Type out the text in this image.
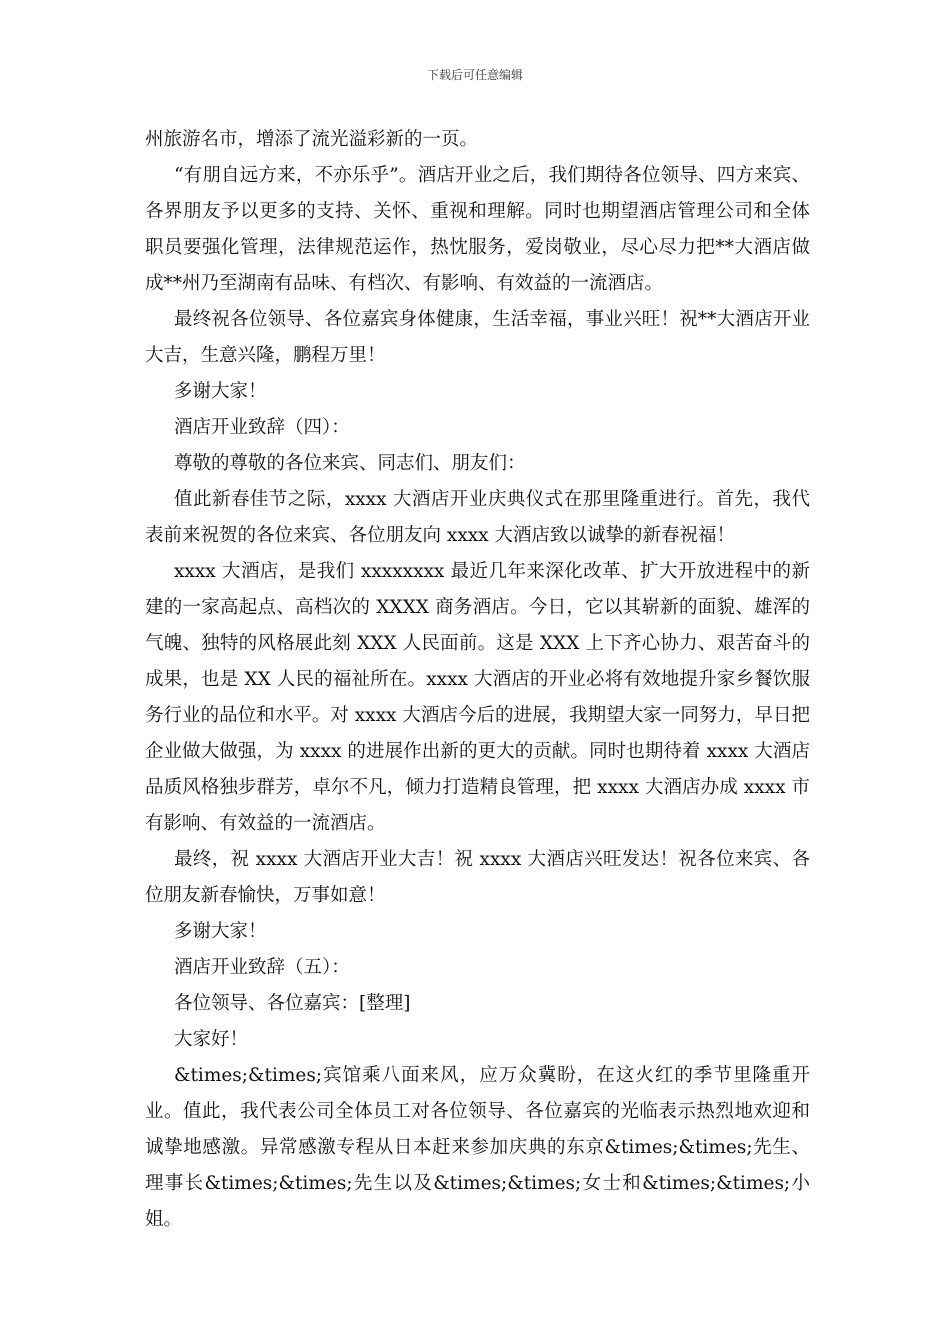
下载后可任意编辑

州旅游名市，增添了流光溢彩新的一页。

“有朋自远方来，不亦乐乎”。酒店开业之后，我们期待各位领导、四方来宾、各界朋友予以更多的支持、关怀、重视和理解。同时也期望酒店管理公司和全体职员要强化管理，法律规范运作，热忱服务，爱岗敬业，尽心尽力把**大酒店做成**州乃至湖南有品味、有档次、有影响、有效益的一流酒店。

最终祝各位领导、各位嘉宾身体健康，生活幸福，事业兴旺！祝**大酒店开业大吉，生意兴隆，鹏程万里！

多谢大家！

酒店开业致辞（四）：

尊敬的尊敬的各位来宾、同志们、朋友们：

值此新春佳节之际，xxxx 大酒店开业庆典仪式在那里隆重进行。首先，我代表前来祝贺的各位来宾、各位朋友向 xxxx 大酒店致以诚挚的新春祝福！

xxxx 大酒店，是我们 xxxxxxxx 最近几年来深化改革、扩大开放进程中的新建的一家高起点、高档次的 XXXX 商务酒店。今日，它以其崭新的面貌、雄浑的气魄、独特的风格展此刻 XXX 人民面前。这是 XXX 上下齐心协力、艰苦奋斗的成果，也是 XX 人民的福祉所在。xxxx 大酒店的开业必将有效地提升家乡餐饮服务行业的品位和水平。对 xxxx 大酒店今后的进展，我期望大家一同努力，早日把企业做大做强，为 xxxx 的进展作出新的更大的贡献。同时也期待着 xxxx 大酒店品质风格独步群芳，卓尔不凡，倾力打造精良管理，把 xxxx 大酒店办成 xxxx 市有影响、有效益的一流酒店。

最终，祝 xxxx 大酒店开业大吉！祝 xxxx 大酒店兴旺发达！祝各位来宾、各位朋友新春愉快，万事如意！

多谢大家！

酒店开业致辞（五）：

各位领导、各位嘉宾：[整理]

大家好！

&times;&times;宾馆乘八面来风，应万众冀盼，在这火红的季节里隆重开业。值此，我代表公司全体员工对各位领导、各位嘉宾的光临表示热烈地欢迎和诚挚地感激。异常感激专程从日本赶来参加庆典的东京&times;&times;先生、理事长&times;&times;先生以及&times;&times;女士和&times;&times;小姐。
